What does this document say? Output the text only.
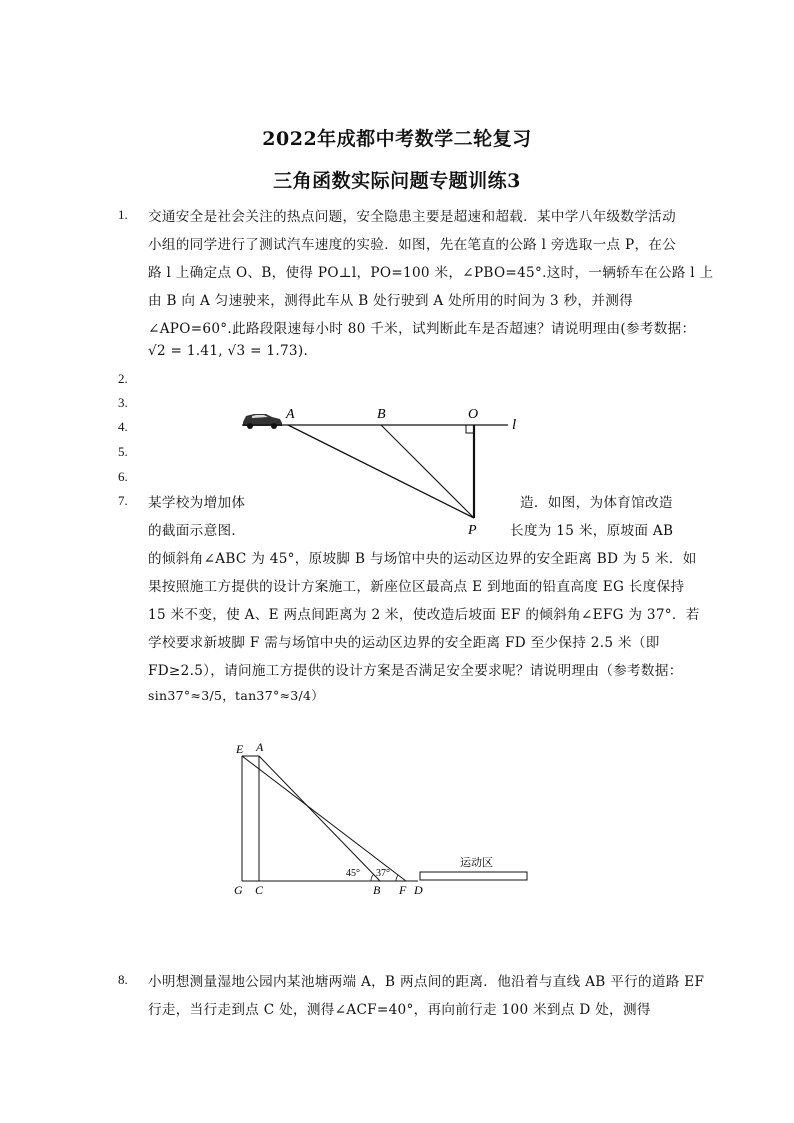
2022年成都中考数学二轮复习
三角函数实际问题专题训练3
1. 交通安全是社会关注的热点问题，安全隐患主要是超速和超载．某中学八年级数学活动
小组的同学进行了测试汽车速度的实验．如图，先在笔直的公路 l 旁选取一点 P，在公
路 l 上确定点 O、B，使得 PO⊥l，PO=100 米，∠PBO=45°.这时，一辆轿车在公路 l 上
由 B 向 A 匀速驶来，测得此车从 B 处行驶到 A 处所用的时间为 3 秒，并测得
∠APO=60°.此路段限速每小时 80 千米，试判断此车是否超速？请说明理由(参考数据：
√2 = 1.41, √3 = 1.73).
2.
3.
4.
5.
6.
7. 某学校为增加体	造．如图，为体育馆改造
的截面示意图．	长度为 15 米，原坡面 AB
的倾斜角∠ABC 为 45°，原坡脚 B 与场馆中央的运动区边界的安全距离 BD 为 5 米．如
果按照施工方提供的设计方案施工，新座位区最高点 E 到地面的铅直高度 EG 长度保持
15 米不变，使 A、E 两点间距离为 2 米，使改造后坡面 EF 的倾斜角∠EFG 为 37°．若
学校要求新坡脚 F 需与场馆中央的运动区边界的安全距离 FD 至少保持 2.5 米（即
FD≥2.5），请问施工方提供的设计方案是否满足安全要求呢？请说明理由（参考数据：
sin37°≈3/5，tan37°≈3/4）
A	B	O
l
P
运动区
E A
G C	B F D
45° 37°
8. 小明想测量湿地公园内某池塘两端 A，B 两点间的距离．他沿着与直线 AB 平行的道路 EF
行走，当行走到点 C 处，测得∠ACF=40°，再向前行走 100 米到点 D 处，测得
